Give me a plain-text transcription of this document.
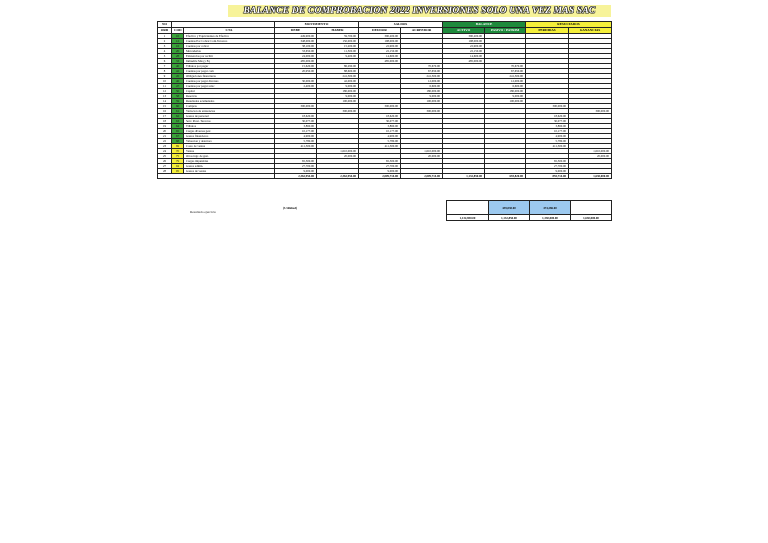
BALANCE DE COMPROBACION 2022 INVERSIONES SOLO UNA VEZ MAS SAC
NO			MOVIMIENTO		SALDOS		BALANCE		RESULTADOS	
ORD	COD	CTA	DEBE	HABER	DEUDOR	ACREEDOR	ACTIVO	PASIVO / PATRIM	PERDIDAS	GANANCIAS
1	10	Efectivo y Equivalentes de Efectivo	449,900.00	59,700.00	390,200.00		390,200.00			
2	12	Cuentas Por Cobrar Com.Terceros	348,000.00	150,000.00	198,000.00		198,000.00			
3	16	Cuentas por cobrar	38,100.00	15,200.00	22,900.00		22,900.00			
4	20	Mercaderias	33,650.00	11,500.00	22,150.00		22,150.00			
5	28	Existencias por recibir	24,000.00	9,400.00	14,600.00		14,600.00			
6	33	Inmueble Maq y Eq	485,000.00		485,000.00		485,000.00			
7	40	Tributos por pagar	15,620.00	86,290.00		70,670.00		70,670.00		
8	42	Cuentas por pagar com	20,950.00	88,600.00		67,650.00		67,650.00		
9	45	Obligaciones financieras		241,300.00		241,300.00		241,300.00		
10	46	Cuentas por pagar diversas	30,000.00	42,000.00		12,000.00		12,000.00		
11	47	Cuentas por pagar relac	2,400.00	9,000.00		6,600.00		6,600.00		
12	50	Capital		180,000.00		180,000.00		180,000.00		
13	58	Reservas		9,000.00		9,000.00		9,000.00		
14	59	Resultados acumulados		100,000.00		100,000.00		100,000.00		
15	60	Compras	300,000.00		300,000.00				300,000.00	
16	61	Variacion de existencias		300,000.00		300,000.00				300,000.00
17	62	Gastos de personal	18,620.00		18,620.00				18,620.00	
18	63	Serv. Prest. Terceros	30,077.00		30,077.00				30,077.00	
19	64	Tributos	3,860.00		3,860.00				3,860.00	
20	65	Cargas diversas gest	10,177.00		10,177.00				10,177.00	
21	67	Gastos financieros	4,900.00		4,900.00				4,900.00	
22	68	Valuacion y deterioro	5,780.00		5,780.00				5,780.00	
23	69	Costo de ventas	411,300.00		411,300.00				411,300.00	
24	70	Ventas		1,610,000.00		1,610,000.00				1,610,000.00
25	75	Otros ingr. de gest.		20,000.00		20,000.00				20,000.00
26	79	Cargas imputables	65,300.00		65,300.00				65,300.00	
27	94	Gastos admin.	27,700.00		27,700.00				27,700.00	
28	95	Gastos de ventas	9,000.00		9,000.00				9,000.00	
			2,362,954.00	2,362,954.00	2,009,714.00	2,009,714.00	1,132,850.00	693,820.00	855,714.00	1,630,000.00
(Utilidad)
Resultado ejercicio
	439,030.00	474,286.00	
1,132,850.00	1,132,850.00	1,330,000.00	1,630,000.00
